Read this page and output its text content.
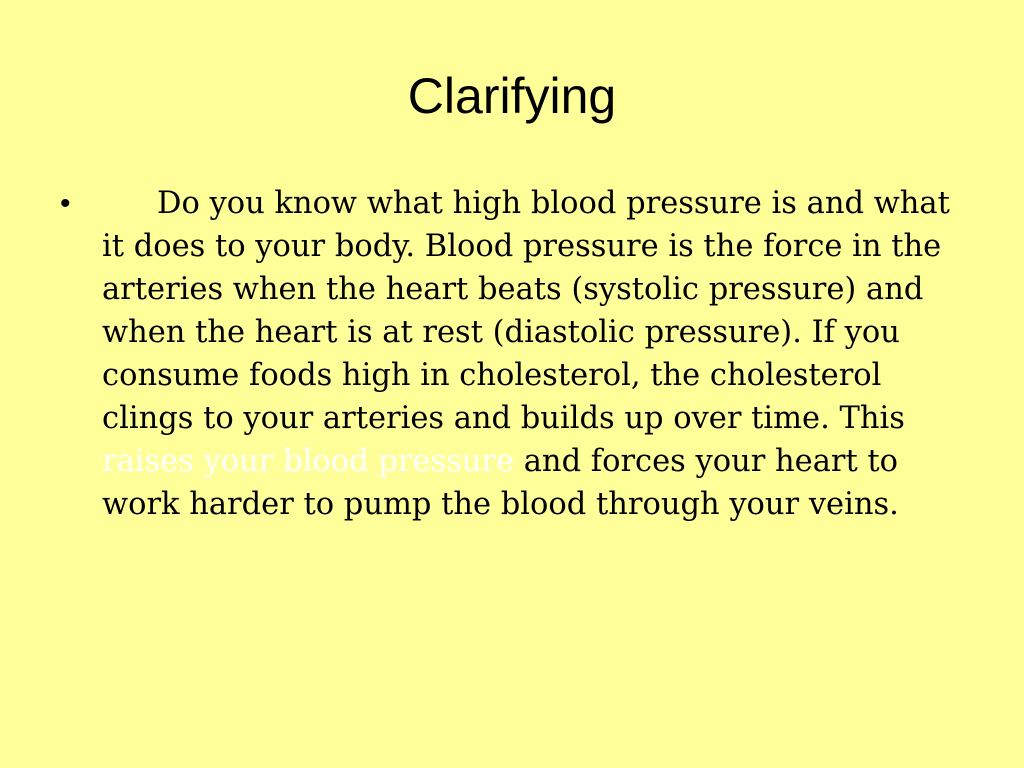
Clarifying
•	Do you know what high blood pressure is and what it does to your body. Blood pressure is the force in the arteries when the heart beats (systolic pressure) and when the heart is at rest (diastolic pressure). If you consume foods high in cholesterol, the cholesterol clings to your arteries and builds up over time. This raises your blood pressure and forces your heart to work harder to pump the blood through your veins.
